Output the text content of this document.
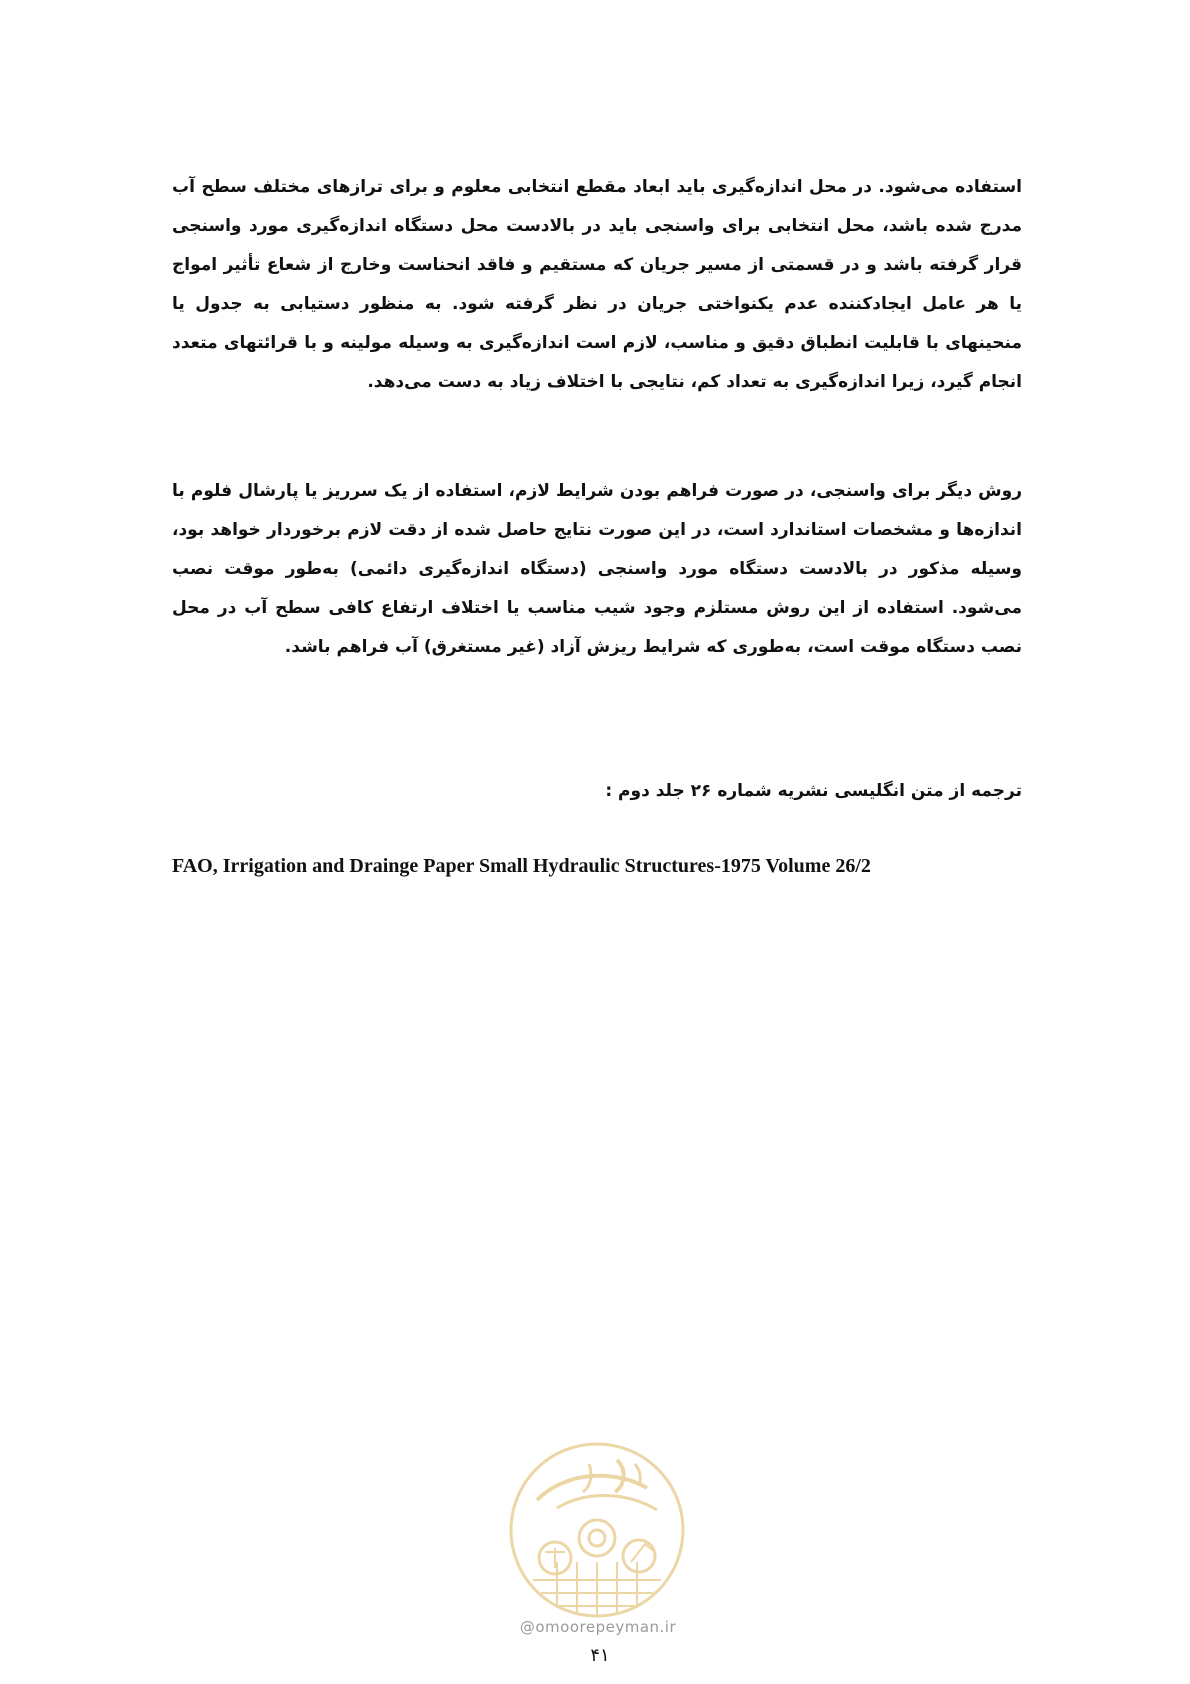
استفاده می‌شود. در محل اندازه‌گیری باید ابعاد مقطع انتخابی معلوم و برای ترازهای مختلف سطح آب مدرج شده باشد، محل انتخابی برای واسنجی باید در بالادست محل دستگاه اندازه‌گیری مورد واسنجی قرار گرفته باشد و در قسمتی از مسیر جریان که مستقیم و فاقد انحناست وخارج از شعاع تأثیر امواج یا هر عامل ایجادکننده عدم یکنواختی جریان در نظر گرفته شود. به منظور دستیابی به جدول یا منحینهای با قابلیت انطباق دقیق و مناسب، لازم است اندازه‌گیری به وسیله مولینه و با قرائتهای متعدد انجام گیرد، زیرا اندازه‌گیری به تعداد کم، نتایجی با اختلاف زیاد به دست می‌دهد.

روش دیگر برای واسنجی، در صورت فراهم بودن شرایط لازم، استفاده از یک سرریز یا پارشال فلوم با اندازه‌ها و مشخصات استاندارد است، در این صورت نتایج حاصل شده از دقت لازم برخوردار خواهد بود، وسیله مذکور در بالادست دستگاه مورد واسنجی (دستگاه اندازه‌گیری دائمی) به‌طور موقت نصب می‌شود. استفاده از این روش مستلزم وجود شیب مناسب یا اختلاف ارتفاع کافی سطح آب در محل نصب دستگاه موقت است، به‌طوری که شرایط ریزش آزاد (غیر مستغرق) آب فراهم باشد.

ترجمه از متن انگلیسی نشریه شماره ۲۶ جلد دوم :

FAO, Irrigation and Drainge Paper Small Hydraulic Structures-1975 Volume 26/2

@omoorepeyman.ir
۴۱
